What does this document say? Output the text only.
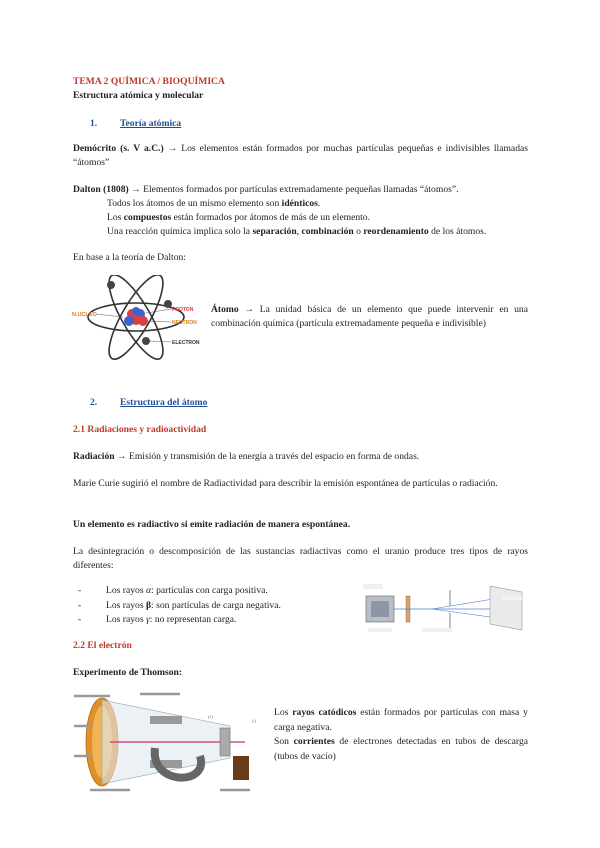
TEMA 2 QUÍMICA / BIOQUÍMICA
Estructura atómica y molecular
1. Teoría atómica
Demócrito (s. V a.C.) → Los elementos están formados por muchas partículas pequeñas e indivisibles llamadas “átomos”
Dalton (1808) → Elementos formados por partículas extremadamente pequeñas llamadas “átomos”.
Todos los átomos de un mismo elemento son idénticos.
Los compuestos están formados por átomos de más de un elemento.
Una reacción química implica solo la separación, combinación o reordenamiento de los átomos.
En base a la teoría de Dalton:
N.UCLEO
PROTON
NEUTRON
ELECTRON
Átomo → La unidad básica de un elemento que puede intervenir en una combinación química (partícula extremadamente pequeña e indivisible)
2. Estructura del átomo
2.1 Radiaciones y radioactividad
Radiación → Emisión y transmisión de la energía a través del espacio en forma de ondas.
Marie Curie sugirió el nombre de Radiactividad para describir la emisión espontánea de partículas o radiación.
Un elemento es radiactivo si emite radiación de manera espontánea.
La desintegración o descomposición de las sustancias radiactivas como el uranio produce tres tipos de rayos diferentes:
- Los rayos α: partículas con carga positiva.
- Los rayos β: son partículas de carga negativa.
- Los rayos γ: no representan carga.
2.2 El electrón
Experimento de Thomson:
(+)
(-)
Los rayos catódicos están formados por partículas con masa y carga negativa.
Son corrientes de electrones detectadas en tubos de descarga (tubos de vacío)
